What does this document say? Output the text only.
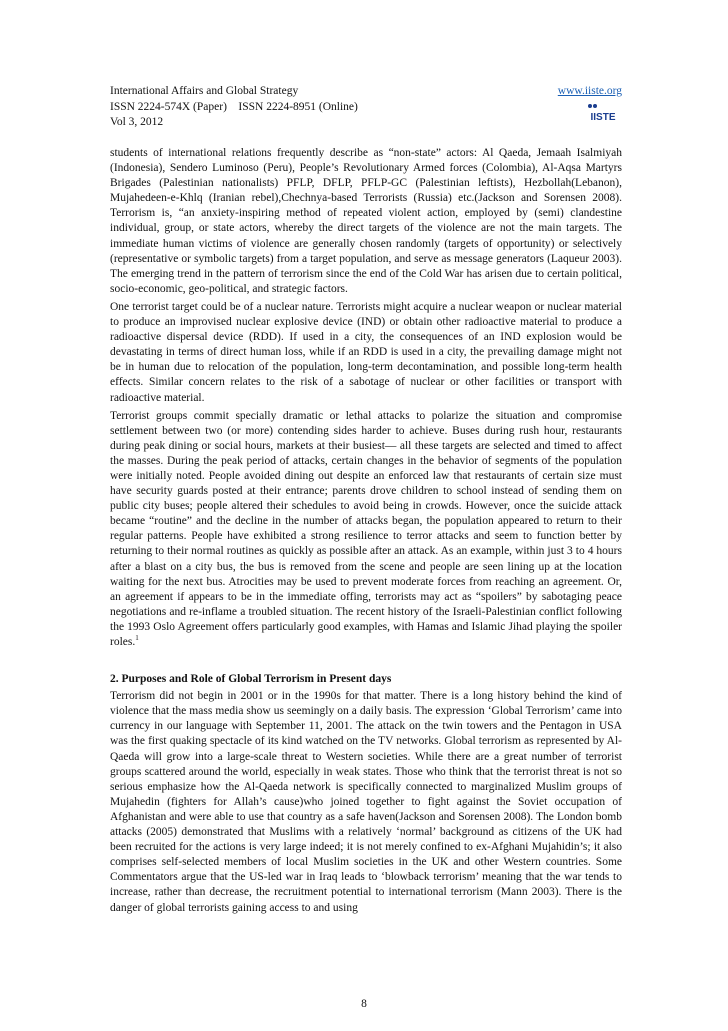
International Affairs and Global Strategy
ISSN 2224-574X (Paper)    ISSN 2224-8951 (Online)
Vol 3, 2012
www.iiste.org
IISTE

students of international relations frequently describe as “non-state” actors: Al Qaeda, Jemaah Isalmiyah (Indonesia), Sendero Luminoso (Peru), People’s Revolutionary Armed forces (Colombia), Al-Aqsa Martyrs Brigades (Palestinian nationalists) PFLP, DFLP, PFLP-GC (Palestinian leftists), Hezbollah(Lebanon), Mujahedeen-e-Khlq (Iranian rebel),Chechnya-based Terrorists (Russia) etc.(Jackson and Sorensen 2008). Terrorism is, “an anxiety-inspiring method of repeated violent action, employed by (semi) clandestine individual, group, or state actors, whereby the direct targets of the violence are not the main targets. The immediate human victims of violence are generally chosen randomly (targets of opportunity) or selectively (representative or symbolic targets) from a target population, and serve as message generators (Laqueur 2003). The emerging trend in the pattern of terrorism since the end of the Cold War has arisen due to certain political, socio-economic, geo-political, and strategic factors.

One terrorist target could be of a nuclear nature. Terrorists might acquire a nuclear weapon or nuclear material to produce an improvised nuclear explosive device (IND) or obtain other radioactive material to produce a radioactive dispersal device (RDD). If used in a city, the consequences of an IND explosion would be devastating in terms of direct human loss, while if an RDD is used in a city, the prevailing damage might not be in human due to relocation of the population, long-term decontamination, and possible long-term health effects. Similar concern relates to the risk of a sabotage of nuclear or other facilities or transport with radioactive material.

Terrorist groups commit specially dramatic or lethal attacks to polarize the situation and compromise settlement between two (or more) contending sides harder to achieve. Buses during rush hour, restaurants during peak dining or social hours, markets at their busiest— all these targets are selected and timed to affect the masses. During the peak period of attacks, certain changes in the behavior of segments of the population were initially noted. People avoided dining out despite an enforced law that restaurants of certain size must have security guards posted at their entrance; parents drove children to school instead of sending them on public city buses; people altered their schedules to avoid being in crowds. However, once the suicide attack became “routine” and the decline in the number of attacks began, the population appeared to return to their regular patterns. People have exhibited a strong resilience to terror attacks and seem to function better by returning to their normal routines as quickly as possible after an attack. As an example, within just 3 to 4 hours after a blast on a city bus, the bus is removed from the scene and people are seen lining up at the location waiting for the next bus. Atrocities may be used to prevent moderate forces from reaching an agreement. Or, an agreement if appears to be in the immediate offing, terrorists may act as “spoilers” by sabotaging peace negotiations and re-inflame a troubled situation. The recent history of the Israeli-Palestinian conflict following the 1993 Oslo Agreement offers particularly good examples, with Hamas and Islamic Jihad playing the spoiler roles.$^1$

2. Purposes and Role of Global Terrorism in Present days

Terrorism did not begin in 2001 or in the 1990s for that matter. There is a long history behind the kind of violence that the mass media show us seemingly on a daily basis. The expression ‘Global Terrorism’ came into currency in our language with September 11, 2001. The attack on the twin towers and the Pentagon in USA was the first quaking spectacle of its kind watched on the TV networks. Global terrorism as represented by Al-Qaeda will grow into a large-scale threat to Western societies. While there are a great number of terrorist groups scattered around the world, especially in weak states. Those who think that the terrorist threat is not so serious emphasize how the Al-Qaeda network is specifically connected to marginalized Muslim groups of Mujahedin (fighters for Allah’s cause)who joined together to fight against the Soviet occupation of Afghanistan and were able to use that country as a safe haven(Jackson and Sorensen 2008). The London bomb attacks (2005) demonstrated that Muslims with a relatively ‘normal’ background as citizens of the UK had been recruited for the actions is very large indeed; it is not merely confined to ex-Afghani Mujahidin’s; it also comprises self-selected members of local Muslim societies in the UK and other Western countries. Some Commentators argue that the US-led war in Iraq leads to ‘blowback terrorism’ meaning that the war tends to increase, rather than decrease, the recruitment potential to international terrorism (Mann 2003). There is the danger of global terrorists gaining access to and using

8
